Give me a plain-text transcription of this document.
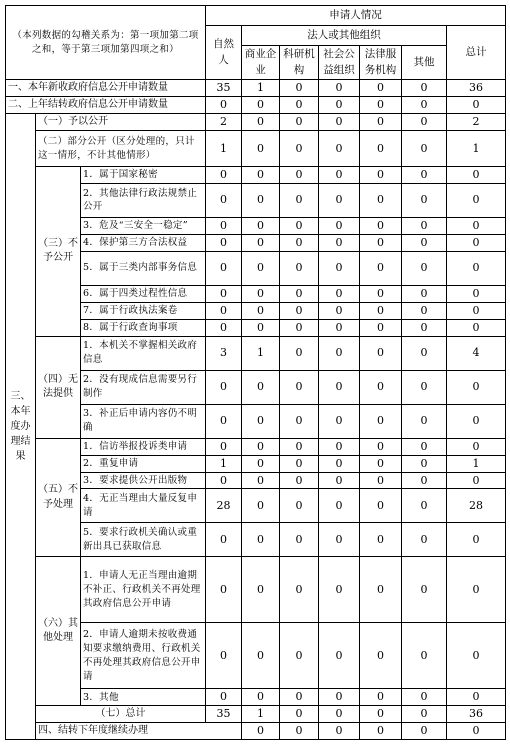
（本列数据的勾稽关系为：第一项加第二项之和，等于第三项加第四项之和）			申请人情况							
			自然人	法人或其他组织					总计	
				商业企业	科研机构	社会公益组织	法律服务机构	其他		
一、本年新收政府信息公开申请数量			35	1	0	0	0	0	36	
二、上年结转政府信息公开申请数量			0	0	0	0	0	0	0	
三、本年度办理结果	（一）予以公开		2	0	0	0	0	0	2	
	（二）部分公开（区分处理的，只计这一情形，不计其他情形）		1	0	0	0	0	0	1	
	（三）不予公开	1．属于国家秘密	0	0	0	0	0	0	0	
		2．其他法律行政法规禁止公开	0	0	0	0	0	0	0	
		3．危及“三安全一稳定”	0	0	0	0	0	0	0	
		4．保护第三方合法权益	0	0	0	0	0	0	0	
		5．属于三类内部事务信息	0	0	0	0	0	0	0	
		6．属于四类过程性信息	0	0	0	0	0	0	0	
		7．属于行政执法案卷	0	0	0	0	0	0	0	
		8．属于行政查询事项	0	0	0	0	0	0	0	
	（四）无法提供	1．本机关不掌握相关政府信息	3	1	0	0	0	0	4	
		2．没有现成信息需要另行制作	0	0	0	0	0	0	0	
		3．补正后申请内容仍不明确	0	0	0	0	0	0	0	
	（五）不予处理	1．信访举报投诉类申请	0	0	0	0	0	0	0	
		2．重复申请	1	0	0	0	0	0	1	
		3．要求提供公开出版物	0	0	0	0	0	0	0	
		4．无正当理由大量反复申请	28	0	0	0	0	0	28	
		5．要求行政机关确认或重新出具已获取信息	0	0	0	0	0	0	0	
	（六）其他处理	1．申请人无正当理由逾期不补正、行政机关不再处理其政府信息公开申请	0	0	0	0	0	0	0	
		2．申请人逾期未按收费通知要求缴纳费用、行政机关不再处理其政府信息公开申请	0	0	0	0	0	0	0	
		3．其他	0	0	0	0	0	0	0	
	（七）总计		35	1	0	0	0	0	36	
	四、结转下年度继续办理			0	0	0	0	0	0	
